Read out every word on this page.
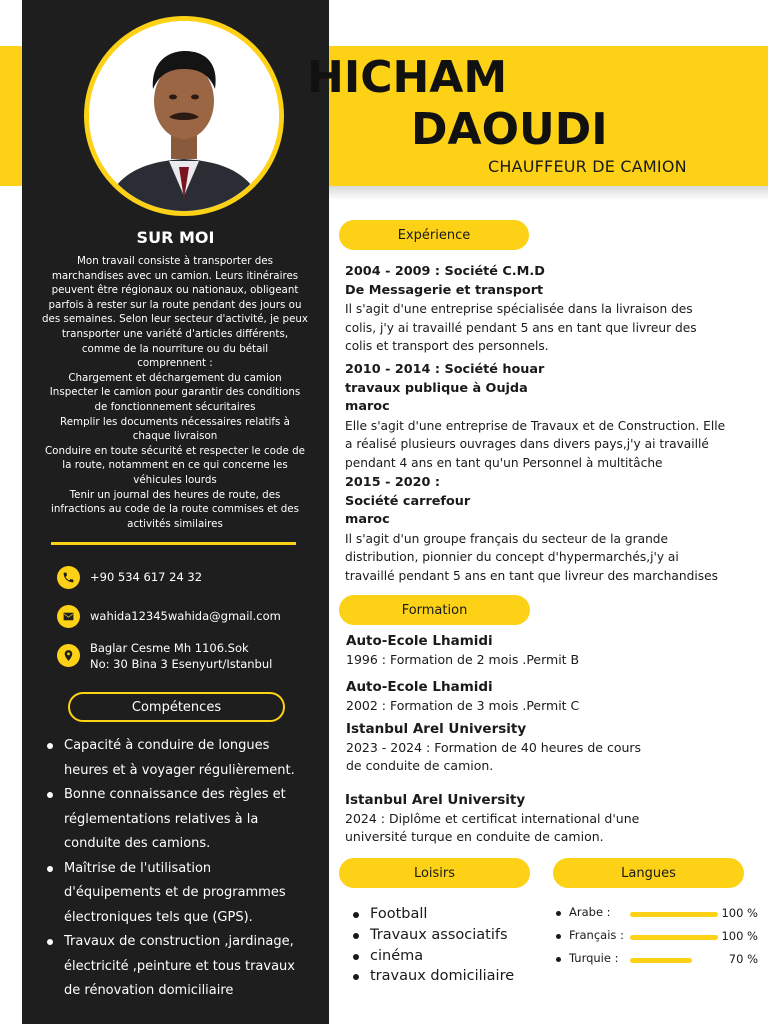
HICHAM
DAOUDI
CHAUFFEUR DE CAMION
SUR MOI
Mon travail consiste à transporter des
marchandises avec un camion. Leurs itinéraires
peuvent être régionaux ou nationaux, obligeant
parfois à rester sur la route pendant des jours ou
des semaines. Selon leur secteur d'activité, je peux
transporter une variété d'articles différents,
comme de la nourriture ou du bétail
comprennent :
Chargement et déchargement du camion
Inspecter le camion pour garantir des conditions
de fonctionnement sécuritaires
Remplir les documents nécessaires relatifs à
chaque livraison
Conduire en toute sécurité et respecter le code de
la route, notamment en ce qui concerne les
véhicules lourds
Tenir un journal des heures de route, des
infractions au code de la route commises et des
activités similaires
+90 534 617 24 32
wahida12345wahida@gmail.com
Baglar Cesme Mh 1106.Sok
No: 30 Bina 3 Esenyurt/Istanbul
Compétences
Capacité à conduire de longues
heures et à voyager régulièrement.
Bonne connaissance des règles et
réglementations relatives à la
conduite des camions.
Maîtrise de l'utilisation
d'équipements et de programmes
électroniques tels que (GPS).
Travaux de construction ,jardinage,
électricité ,peinture et tous travaux
de rénovation domiciliaire
Expérience
2004 - 2009 : Société C.M.D
De Messagerie et transport
Il s'agit d'une entreprise spécialisée dans la livraison des
colis, j'y ai travaillé pendant 5 ans en tant que livreur des
colis et transport des personnels.
2010 - 2014 : Société houar
travaux publique à Oujda
maroc
Elle s'agit d'une entreprise de Travaux et de Construction. Elle
a réalisé plusieurs ouvrages dans divers pays,j'y ai travaillé
pendant 4 ans en tant qu'un Personnel à multitâche
2015 - 2020 :
Société carrefour
maroc
Il s'agit d'un groupe français du secteur de la grande
distribution, pionnier du concept d'hypermarchés,j'y ai
travaillé pendant 5 ans en tant que livreur des marchandises
Formation
Auto-Ecole Lhamidi
1996 : Formation de 2 mois .Permit B
Auto-Ecole Lhamidi
2002 : Formation de 3 mois .Permit C
Istanbul Arel University
2023 - 2024 : Formation de 40 heures de cours
de conduite de camion.
Istanbul Arel University
2024 : Diplôme et certificat international d'une
université turque en conduite de camion.
Loisirs
Football
Travaux associatifs
cinéma
travaux domiciliaire
Langues
Arabe :	100 %
Français :	100 %
Turquie :	70 %
